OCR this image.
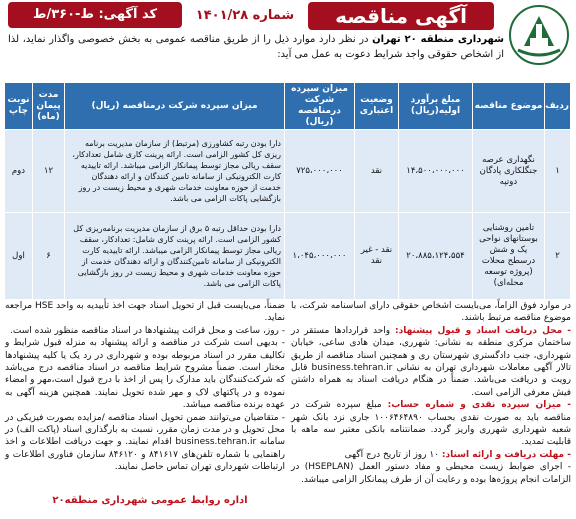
آگهی مناقصه
شماره ۱۴۰۱/۲۸
کد آگهی: ط-۳۶۰/ط
شهرداری منطقه ۲۰ تهران در نظر دارد موارد ذیل را از طریق مناقصه عمومی به بخش خصوصی واگذار نماید، لذا از اشخاص حقوقی واجد شرایط دعوت به عمل می آید:
ردیف	موضوع مناقصه	مبلغ برآورد اولیه(ریال)	وضعیت اعتباری	میزان سپرده شرکت درمناقصه (ریال)	میزان سپرده شرکت درمناقصه (ریال)	مدت پیمان (ماه)	نوبت چاپ
۱	نگهداری عرصه جنگلکاری پادگان دوتپه	۱۴،۵۰۰،۰۰۰،۰۰۰	نقد	۷۲۵،۰۰۰،۰۰۰	دارا بودن رتبه کشاورزی (مرتبط) از سازمان مدیریت برنامه ریزی کل کشور الزامی است. ارائه پرینت کاری شامل تعدادکار، سقف ریالی مجاز توسط پیمانکار الزامی میباشد. ارائه تاییدیه کارت الکترونیکی از سامانه تامین کنندگان و ارائه دهندگان خدمت از حوزه معاونت خدمات شهری و محیط زیست در روز بازگشایی پاکات الزامی می باشد.	۱۲	دوم
۲	تامین روشنایی بوستانهای نواحی یک و شش درسطح محلات (پروژه توسعه محله‌ای)	۲۰،۸۸۵،۱۲۴،۵۵۴	نقد - غیر نقد	۱،۰۴۵،۰۰۰،۰۰۰	دارا بودن حداقل رتبه ۵ برق از سازمان مدیریت برنامه‌ریزی کل کشور الزامی است. ارائه پرینت کاری شامل: تعدادکار، سقف ریالی مجاز توسط پیمانکار الزامی میباشد. ارائه تاییدیه کارت الکترونیکی از سامانه تامین‌کنندگان و ارائه دهندگان خدمت از حوزه معاونت خدمات شهری و محیط زیست در روز بازگشایی پاکات الزامی می باشد.	۶	اول
در موارد فوق الزاماً، می‌بایست اشخاص حقوقی دارای اساسنامه شرکت، با موضوع مناقصه مرتبط باشند.
- محل دریافت اسناد و قبول پیشنهاد: واحد قراردادها مستقر در ساختمان مرکزی منطقه به نشانی: شهرری، میدان هادی ساعی، خیابان شهرداری، جنب دادگستری شهرستان ری و همچنین اسناد مناقصه از طریق تالار آگهی معاملات شهرداری تهران به نشانی business.tehran.ir قابل رویت و دریافت می‌باشد. ضمناً در هنگام دریافت اسناد به همراه داشتن فیش معرفی الزامی است.
- میزان سپرده نقدی و شماره حساب: مبلغ سپرده شرکت در مناقصه باید به صورت نقدی بحساب ۱۰۰۶۴۶۴۸۹۰ جاری نزد بانک شهر شعبه شهرداری شهرری واریز گردد. ضمانتنامه بانکی معتبر سه ماهه با قابلیت تمدید.
- مهلت دریافت و ارائه اسناد: ۱۰ روز از تاریخ درج آگهی
- اجرای ضوابط زیست محیطی و مفاد دستور العمل (HSEPLAN) در الزامات انجام پروژه‌ها بوده و رعایت آن از طرف پیمانکار الزامی میباشد.
ضمناً، می‌بایست قبل از تحویل اسناد جهت اخذ تأییدیه به واحد HSE مراجعه نماید.
- روز، ساعت و محل قرائت پیشنهادها در اسناد مناقصه منظور شده است.
- بدیهی است شرکت در مناقصه و ارائه پیشنهاد به منزله قبول شرایط و تکالیف مقرر در اسناد مربوطه بوده و شهرداری در رد یک یا کلیه پیشنهادها مختار است. ضمناً مشروح شرایط مناقصه در اسناد مناقصه درج می‌باشد که شرکت‌کنندگان باید مدارک را پس از اخذ با درج قبول است،مهر و امضاء نموده و در پاکتهای لاک و مهر شده تحویل نمایند. همچنین هزینه آگهی به عهده برنده مناقصه میباشد.
- متقاضیان می‌توانند ضمن تحویل اسناد مناقصه /مزایده بصورت فیزیکی در محل تحویل و در مدت زمان مقرر، نسبت به بارگذاری اسناد (پاکت الف) در سامانه business.tehran.ir اقدام نمایند. و جهت دریافت اطلاعات و اخذ راهنمایی با شماره تلفن‌های ۸۴۱۶۱۷ و ۸۴۶۱۲۰ سازمان فناوری اطلاعات و ارتباطات شهرداری تهران تماس حاصل نمایند.
اداره روابط عمومی شهرداری منطقه۲۰
